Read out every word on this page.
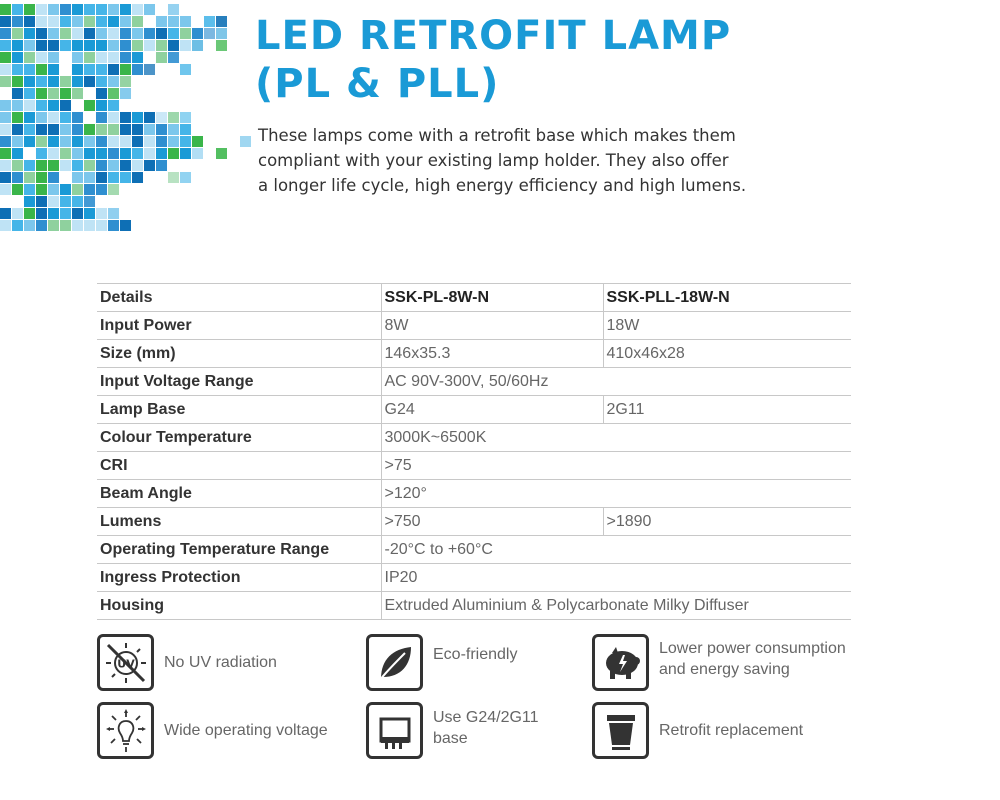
LED RETROFIT LAMP
(PL & PLL)
These lamps come with a retrofit base which makes them
compliant with your existing lamp holder. They also offer
a longer life cycle, high energy efficiency and high lumens.
Details	SSK-PL-8W-N	SSK-PLL-18W-N
Input Power	8W	18W
Size (mm)	146x35.3	410x46x28
Input Voltage Range	AC 90V-300V, 50/60Hz	
Lamp Base	G24	2G11
Colour Temperature	3000K~6500K	
CRI	>75	
Beam Angle	>120°	
Lumens	>750	>1890
Operating Temperature Range	-20°C to +60°C	
Ingress Protection	IP20	
Housing	Extruded Aluminium & Polycarbonate Milky Diffuser	
UV No UV radiation	Eco-friendly	Lower power consumption
and energy saving
Wide operating voltage
Use G24/2G11
base	Retrofit replacement
